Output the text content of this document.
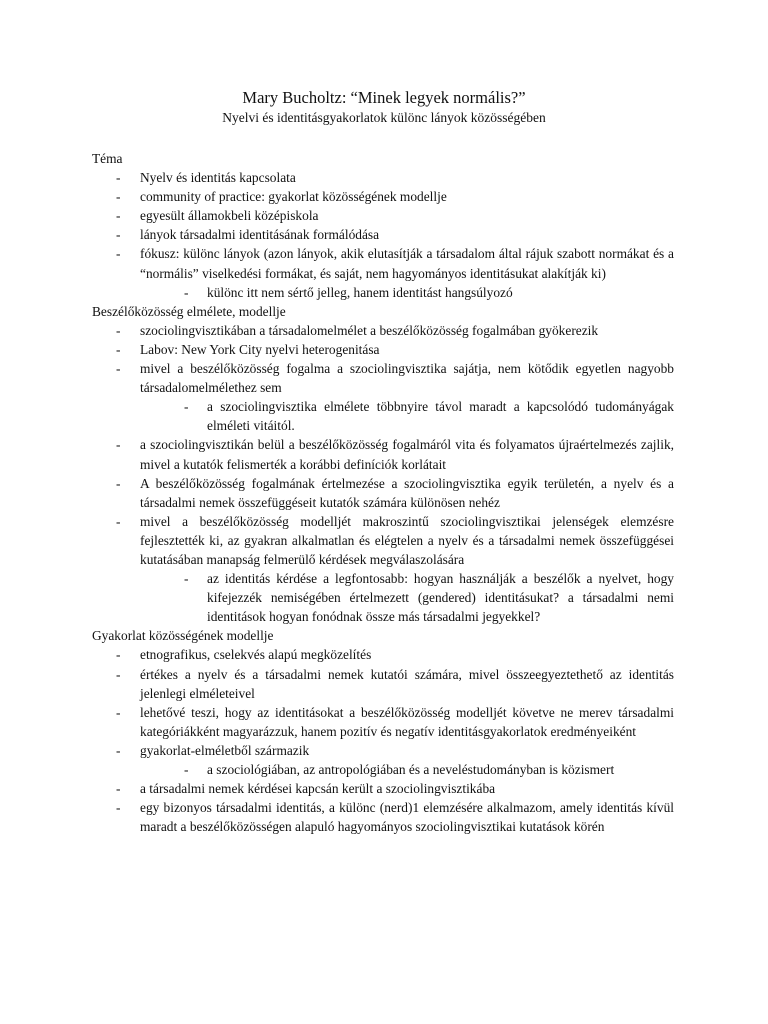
Mary Bucholtz: “Minek legyek normális?”
Nyelvi és identitásgyakorlatok különc lányok közösségében
Téma
- Nyelv és identitás kapcsolata
- community of practice: gyakorlat közösségének modellje
- egyesült államokbeli középiskola
- lányok társadalmi identitásának formálódása
- fókusz: különc lányok (azon lányok, akik elutasítják a társadalom által rájuk szabott normákat és a “normális” viselkedési formákat, és saját, nem hagyományos identitásukat alakítják ki)
- különc itt nem sértő jelleg, hanem identitást hangsúlyozó
Beszélőközösség elmélete, modellje
- szociolingvisztikában a társadalomelmélet a beszélőközösség fogalmában gyökerezik
- Labov: New York City nyelvi heterogenitása
- mivel a beszélőközösség fogalma a szociolingvisztika sajátja, nem kötődik egyetlen nagyobb társadalomelmélethez sem
- a szociolingvisztika elmélete többnyire távol maradt a kapcsolódó tudományágak elméleti vitáitól.
- a szociolingvisztikán belül a beszélőközösség fogalmáról vita és folyamatos újraértelmezés zajlik, mivel a kutatók felismerték a korábbi definíciók korlátait
- A beszélőközösség fogalmának értelmezése a szociolingvisztika egyik területén, a nyelv és a társadalmi nemek összefüggéseit kutatók számára különösen nehéz
- mivel a beszélőközösség modelljét makroszintű szociolingvisztikai jelenségek elemzésre fejlesztették ki, az gyakran alkalmatlan és elégtelen a nyelv és a társadalmi nemek összefüggései kutatásában manapság felmerülő kérdések megválaszolására
- az identitás kérdése a legfontosabb: hogyan használják a beszélők a nyelvet, hogy kifejezzék nemiségében értelmezett (gendered) identitásukat? a társadalmi nemi identitások hogyan fonódnak össze más társadalmi jegyekkel?
Gyakorlat közösségének modellje
- etnografikus, cselekvés alapú megközelítés
- értékes a nyelv és a társadalmi nemek kutatói számára, mivel összeegyeztethető az identitás jelenlegi elméleteivel
- lehetővé teszi, hogy az identitásokat a beszélőközösség modelljét követve ne merev társadalmi kategóriákként magyarázzuk, hanem pozitív és negatív identitásgyakorlatok eredményeiként
- gyakorlat-elméletből származik
- a szociológiában, az antropológiában és a neveléstudományban is közismert
- a társadalmi nemek kérdései kapcsán került a szociolingvisztikába
- egy bizonyos társadalmi identitás, a különc (nerd)1 elemzésére alkalmazom, amely identitás kívül maradt a beszélőközösségen alapuló hagyományos szociolingvisztikai kutatások körén
